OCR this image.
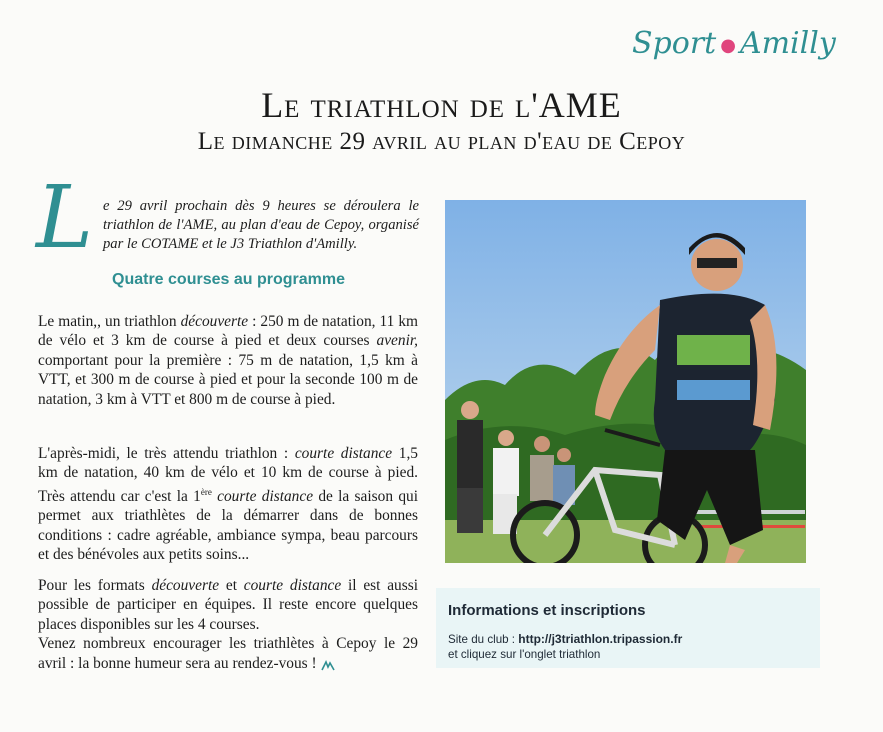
Sport ● Amilly
Le triathlon de l'AME
Le dimanche 29 avril au plan d'eau de Cepoy
L e 29 avril prochain dès 9 heures se déroulera le triathlon de l'AME, au plan d'eau de Cepoy, organisé par le COTAME et le J3 Triathlon d'Amilly.
Quatre courses au programme
Le matin,, un triathlon découverte : 250 m de natation, 11 km de vélo et 3 km de course à pied et deux courses avenir, comportant pour la première : 75 m de natation, 1,5 km à VTT, et 300 m de course à pied et pour la seconde 100 m de natation, 3 km à VTT et 800 m de course à pied.
L'après-midi, le très attendu triathlon : courte distance 1,5 km de natation, 40 km de vélo et 10 km de course à pied. Très attendu car c'est la 1ère courte distance de la saison qui permet aux triathlètes de la démarrer dans de bonnes conditions : cadre agréable, ambiance sympa, beau parcours et des bénévoles aux petits soins...
Pour les formats découverte et courte distance il est aussi possible de participer en équipes. Il reste encore quelques places disponibles sur les 4 courses.
Venez nombreux encourager les triathlètes à Cepoy le 29 avril : la bonne humeur sera au rendez-vous !
Informations et inscriptions
Site du club : http://j3triathlon.tripassion.fr
et cliquez sur l'onglet triathlon
